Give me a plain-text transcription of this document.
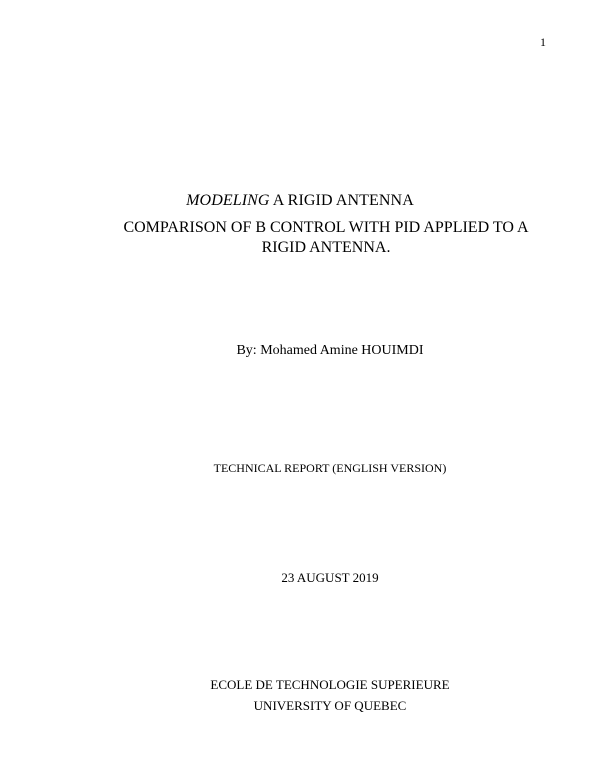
1
MODELING A RIGID ANTENNA
COMPARISON OF B CONTROL WITH PID APPLIED TO A RIGID ANTENNA.
By: Mohamed Amine HOUIMDI
TECHNICAL REPORT (ENGLISH VERSION)
23 AUGUST 2019
ECOLE DE TECHNOLOGIE SUPERIEURE
UNIVERSITY OF QUEBEC
